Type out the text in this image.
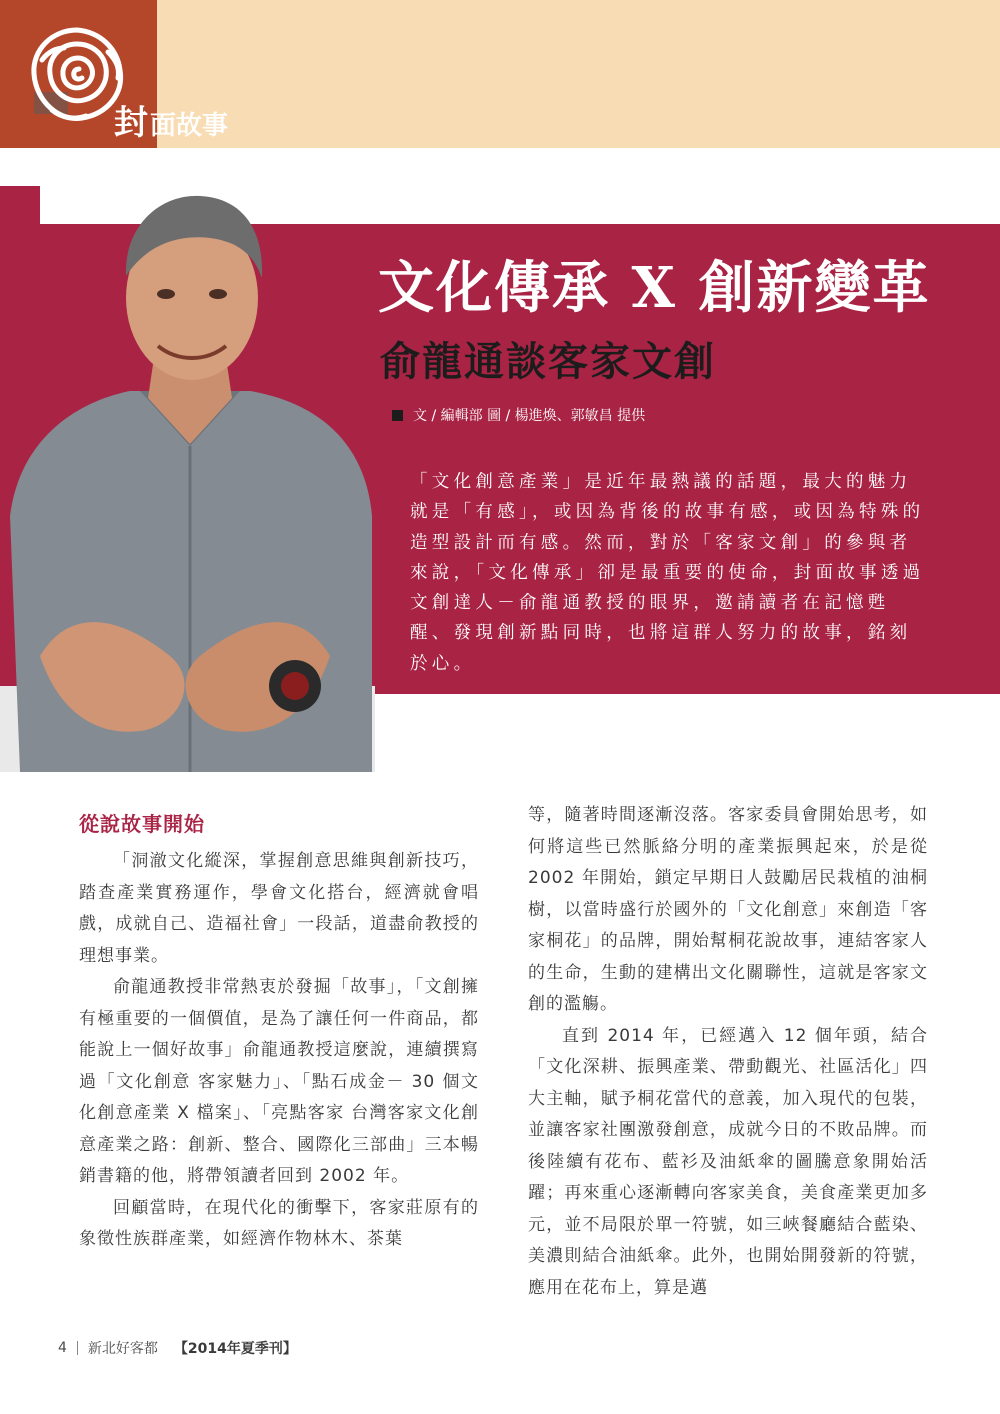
封 面故事
文化傳承 X 創新變革
俞龍通談客家文創
文 / 編輯部 圖 / 楊進煥、郭敏昌 提供
「文化創意產業」是近年最熱議的話題，最大的魅力就是「有感」，或因為背後的故事有感，或因為特殊的造型設計而有感。然而，對於「客家文創」的參與者來說，「文化傳承」卻是最重要的使命，封面故事透過文創達人－俞龍通教授的眼界，邀請讀者在記憶甦醒、發現創新點同時，也將這群人努力的故事，銘刻於心。
從說故事開始

「洞澈文化縱深，掌握創意思維與創新技巧，踏查產業實務運作，學會文化搭台，經濟就會唱戲，成就自己、造福社會」一段話，道盡俞教授的理想事業。

俞龍通教授非常熱衷於發掘「故事」，「文創擁有極重要的一個價值，是為了讓任何一件商品，都能說上一個好故事」俞龍通教授這麼說，連續撰寫過「文化創意 客家魅力」、「點石成金－ 30 個文化創意產業 X 檔案」、「亮點客家 台灣客家文化創意產業之路：創新、整合、國際化三部曲」三本暢銷書籍的他，將帶領讀者回到 2002 年。

回顧當時，在現代化的衝擊下，客家莊原有的象徵性族群產業，如經濟作物林木、茶葉

等，隨著時間逐漸沒落。客家委員會開始思考，如何將這些已然脈絡分明的產業振興起來，於是從 2002 年開始，鎖定早期日人鼓勵居民栽植的油桐樹，以當時盛行於國外的「文化創意」來創造「客家桐花」的品牌，開始幫桐花說故事，連結客家人的生命，生動的建構出文化關聯性，這就是客家文創的濫觴。

直到 2014 年，已經邁入 12 個年頭，結合「文化深耕、振興產業、帶動觀光、社區活化」四大主軸，賦予桐花當代的意義，加入現代的包裝，並讓客家社團激發創意，成就今日的不敗品牌。而後陸續有花布、藍衫及油紙傘的圖騰意象開始活躍；再來重心逐漸轉向客家美食，美食產業更加多元，並不局限於單一符號，如三峽餐廳結合藍染、美濃則結合油紙傘。此外，也開始開發新的符號，應用在花布上，算是邁

4 新北好客都 【2014年夏季刊】
